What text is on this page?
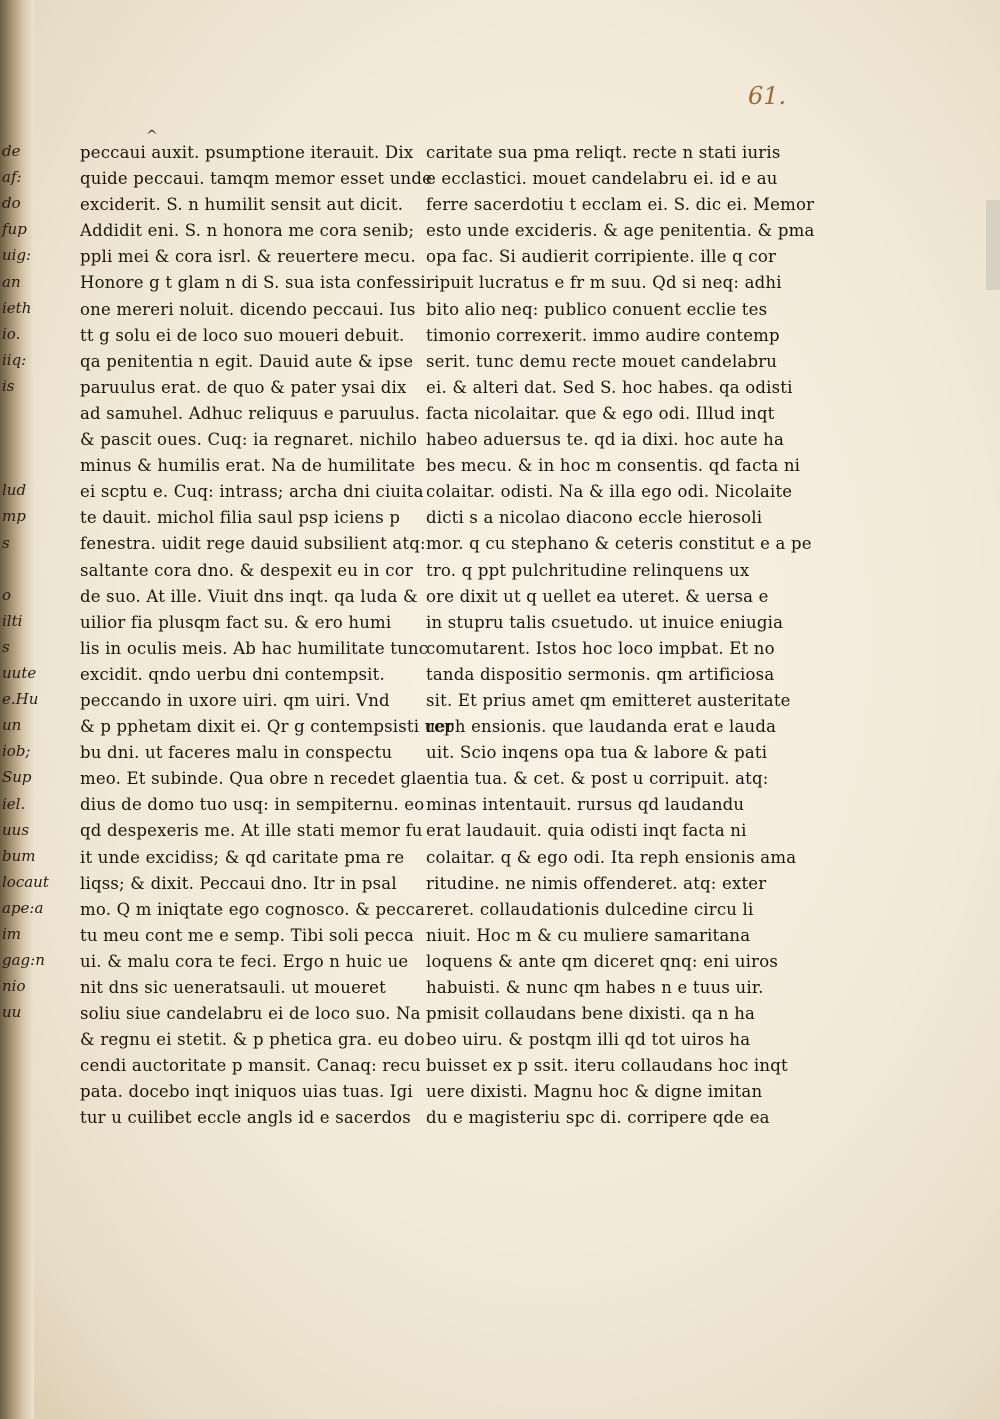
de
af:
do
fup
uig:
an
ieth
io.
iiq:
is
lud
mp
s
o
ilti
s
uute
e.Hu
un
iob;
Sup
iel.
uus
bum
locaut
ape:a
im
gag:n
nio
uu
61.
^
peccaui auxit. psumptione iterauit. Dix
quide peccaui. tamqm memor esset unde
exciderit. S. n humilit sensit aut dicit.
Addidit eni. S. n honora me cora senib;
ppli mei & cora isrl. & reuertere mecu.
Honore g t glam n di S. sua ista confessi
one mereri noluit. dicendo peccaui. Ius
tt g solu ei de loco suo moueri debuit.
qa penitentia n egit. Dauid aute & ipse
paruulus erat. de quo & pater ysai dix
ad samuhel. Adhuc reliquus e paruulus.
& pascit oues. Cuq: ia regnaret. nichilo
minus & humilis erat. Na de humilitate
ei scptu e. Cuq: intrass; archa dni ciuita
te dauit. michol filia saul psp iciens p
fenestra. uidit rege dauid subsilient atq:
saltante cora dno. & despexit eu in cor
de suo. At ille. Viuit dns inqt. qa luda &
uilior fia plusqm fact su. & ero humi
lis in oculis meis. Ab hac humilitate tunc
excidit. qndo uerbu dni contempsit.
peccando in uxore uiri. qm uiri. Vnd
& p pphetam dixit ei. Qr g contempsisti uer
bu dni. ut faceres malu in conspectu
meo. Et subinde. Qua obre n recedet gla
dius de domo tuo usq: in sempiternu. eo
qd despexeris me. At ille stati memor fu
it unde excidiss; & qd caritate pma re
liqss; & dixit. Peccaui dno. Itr in psal
mo. Q m iniqtate ego cognosco. & pecca
tu meu cont me e semp. Tibi soli pecca
ui. & malu cora te feci. Ergo n huic ue
nit dns sic ueneratsauli. ut moueret
soliu siue candelabru ei de loco suo. Na
& regnu ei stetit. & p phetica gra. eu do
cendi auctoritate p mansit. Canaq: recu
pata. docebo inqt iniquos uias tuas. Igi
tur u cuilibet eccle angls id e sacerdos
caritate sua pma reliqt. recte n stati iuris
e ecclastici. mouet candelabru ei. id e au
ferre sacerdotiu t ecclam ei. S. dic ei. Memor
esto unde excideris. & age penitentia. & pma
opa fac. Si audierit corripiente. ille q cor
ripuit lucratus e fr m suu. Qd si neq: adhi
bito alio neq: publico conuent ecclie tes
timonio correxerit. immo audire contemp
serit. tunc demu recte mouet candelabru
ei. & alteri dat. Sed S. hoc habes. qa odisti
facta nicolaitar. que & ego odi. Illud inqt
habeo aduersus te. qd ia dixi. hoc aute ha
bes mecu. & in hoc m consentis. qd facta ni
colaitar. odisti. Na & illa ego odi. Nicolaite
dicti s a nicolao diacono eccle hierosoli
mor. q cu stephano & ceteris constitut e a pe
tro. q ppt pulchritudine relinquens ux
ore dixit ut q uellet ea uteret. & uersa e
in stupru talis csuetudo. ut inuice eniugia
comutarent. Istos hoc loco impbat. Et no
tanda dispositio sermonis. qm artificiosa
sit. Et prius amet qm emitteret austeritate
reph ensionis. que laudanda erat e lauda
uit. Scio inqens opa tua & labore & pati
entia tua. & cet. & post u corripuit. atq:
minas intentauit. rursus qd laudandu
erat laudauit. quia odisti inqt facta ni
colaitar. q & ego odi. Ita reph ensionis ama
ritudine. ne nimis offenderet. atq: exter
reret. collaudationis dulcedine circu li
niuit. Hoc m & cu muliere samaritana
loquens & ante qm diceret qnq: eni uiros
habuisti. & nunc qm habes n e tuus uir.
pmisit collaudans bene dixisti. qa n ha
beo uiru. & postqm illi qd tot uiros ha
buisset ex p ssit. iteru collaudans hoc inqt
uere dixisti. Magnu hoc & digne imitan
du e magisteriu spc di. corripere qde ea
